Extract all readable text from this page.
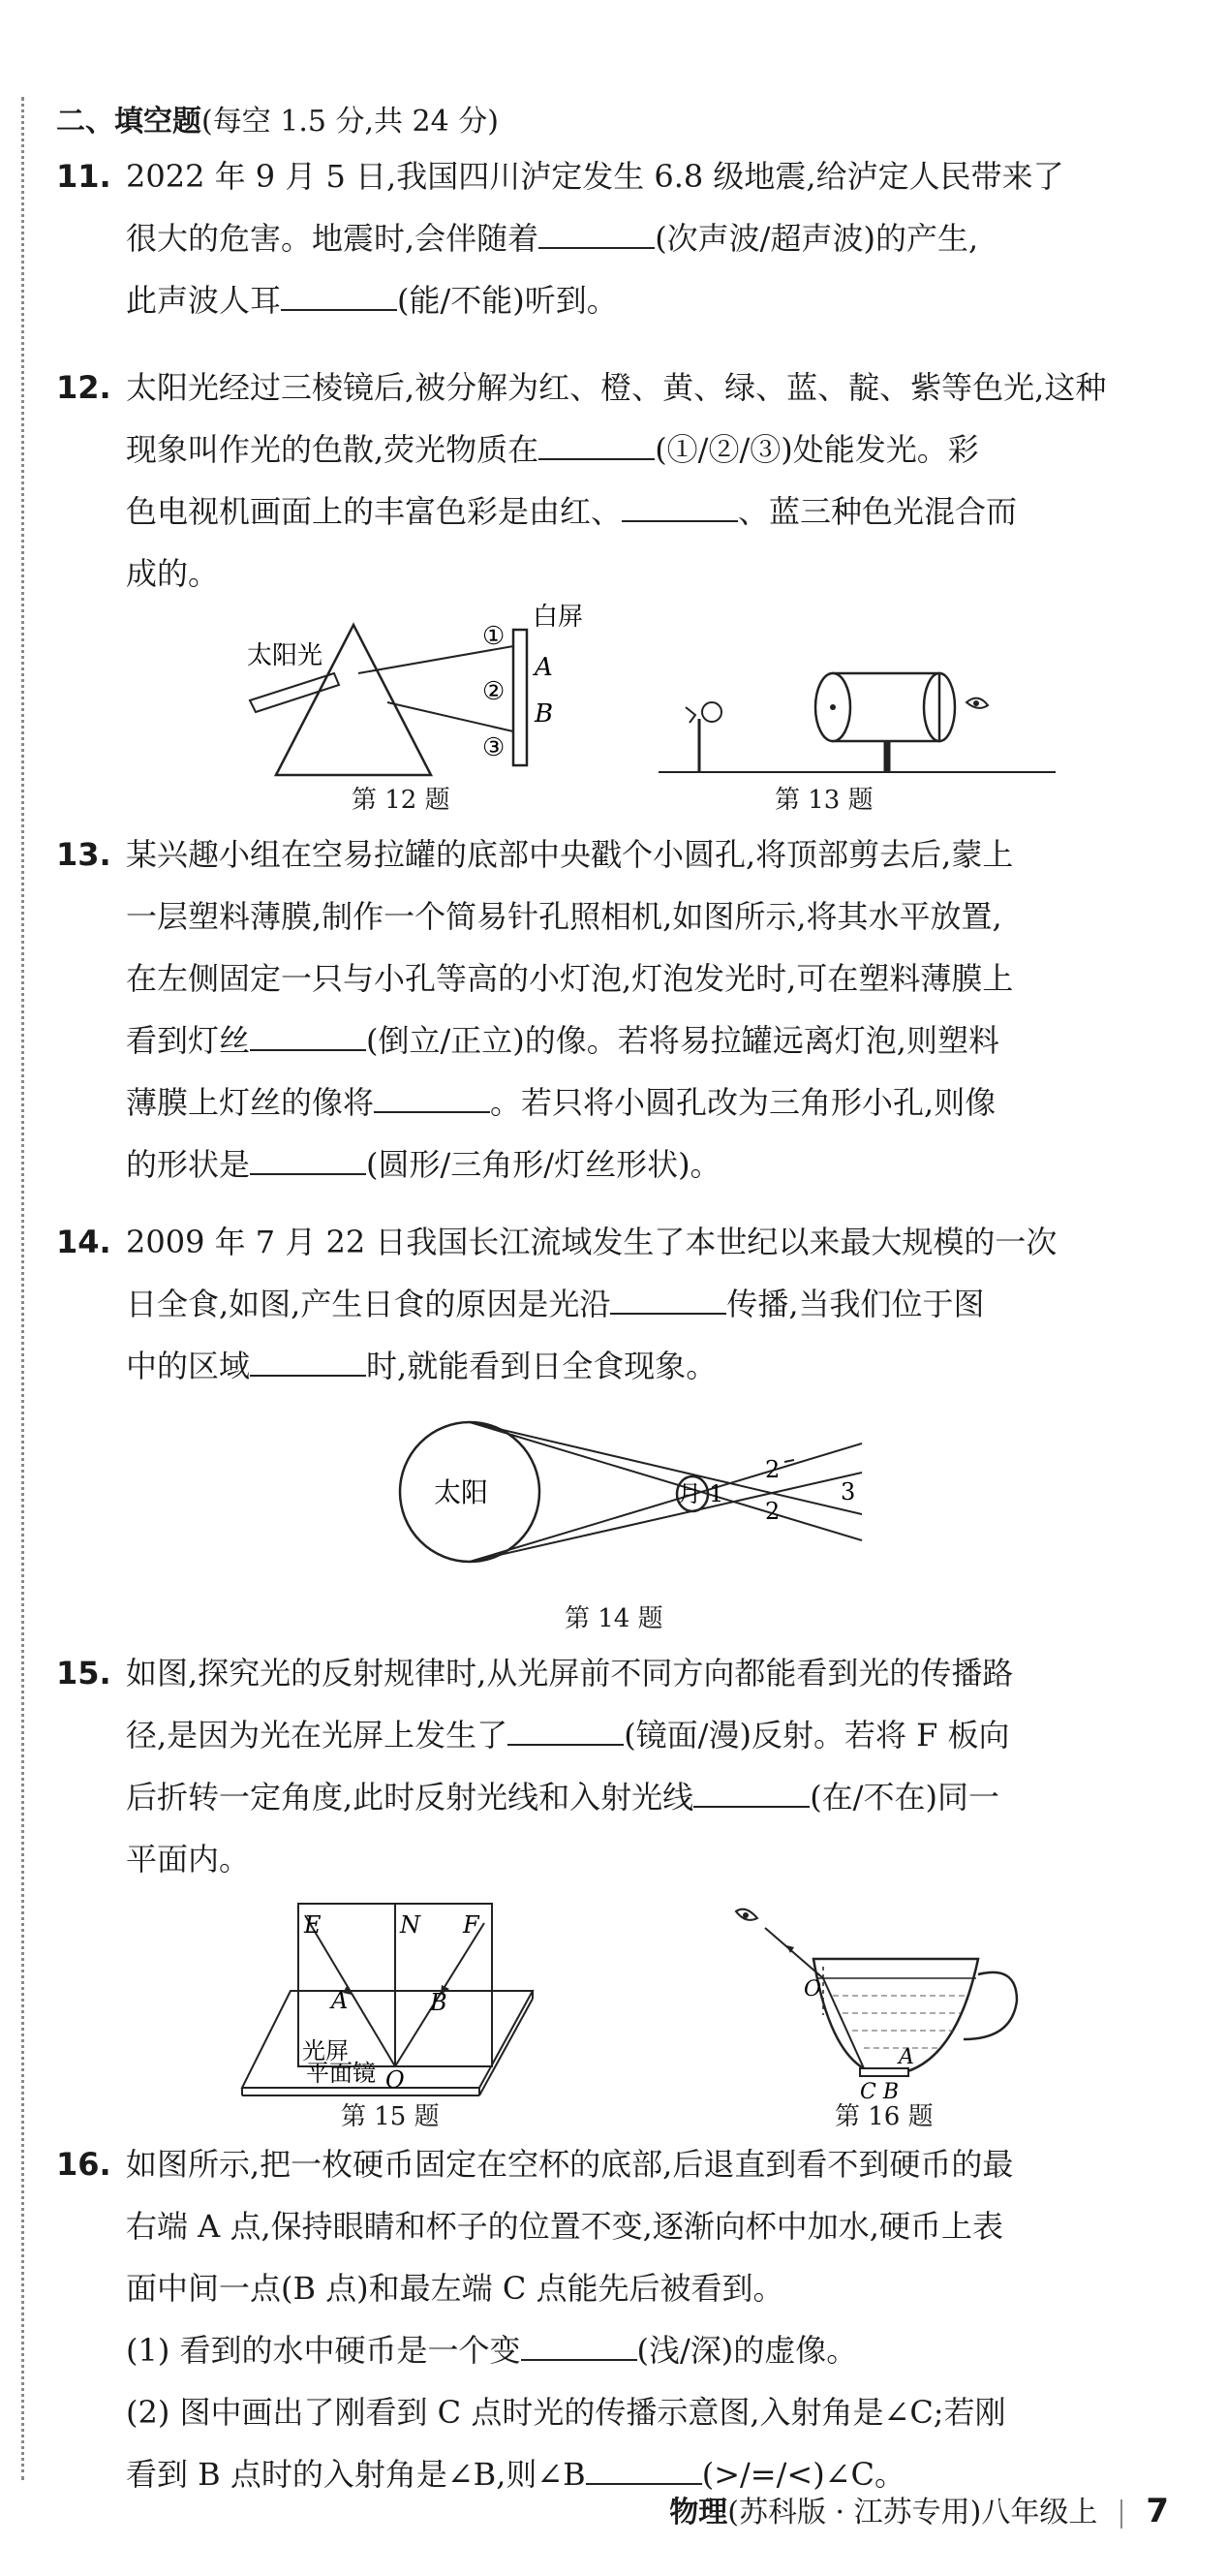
二、填空题(每空 1.5 分,共 24 分)

11. 2022 年 9 月 5 日,我国四川泸定发生 6.8 级地震,给泸定人民带来了

很大的危害。地震时,会伴随着	(次声波/超声波)的产生,

此声波人耳	(能/不能)听到。

12. 太阳光经过三棱镜后,被分解为红、橙、黄、绿、蓝、靛、紫等色光,这种

现象叫作光的色散,荧光物质在	(①/②/③)处能发光。彩

色电视机画面上的丰富色彩是由红、	、蓝三种色光混合而

成的。

太阳光
白屏
①
②
③
A
B
第 12 题	第 13 题

13. 某兴趣小组在空易拉罐的底部中央戳个小圆孔,将顶部剪去后,蒙上

一层塑料薄膜,制作一个简易针孔照相机,如图所示,将其水平放置,

在左侧固定一只与小孔等高的小灯泡,灯泡发光时,可在塑料薄膜上

看到灯丝	(倒立/正立)的像。若将易拉罐远离灯泡,则塑料

薄膜上灯丝的像将	。若只将小圆孔改为三角形小孔,则像

的形状是	(圆形/三角形/灯丝形状)。

14. 2009 年 7 月 22 日我国长江流域发生了本世纪以来最大规模的一次

日全食,如图,产生日食的原因是光沿	传播,当我们位于图

中的区域	时,就能看到日全食现象。

太阳	月 1
2
2
3
第 14 题

15. 如图,探究光的反射规律时,从光屏前不同方向都能看到光的传播路

径,是因为光在光屏上发生了	(镜面/漫)反射。若将 F 板向

后折转一定角度,此时反射光线和入射光线	(在/不在)同一

平面内。

E	N F
A	B
O
光屏
平面镜
第 15 题
O
A
C B
第 16 题

16. 如图所示,把一枚硬币固定在空杯的底部,后退直到看不到硬币的最

右端 A 点,保持眼睛和杯子的位置不变,逐渐向杯中加水,硬币上表

面中间一点(B 点)和最左端 C 点能先后被看到。

(1) 看到的水中硬币是一个变	(浅/深)的虚像。

(2) 图中画出了刚看到 C 点时光的传播示意图,入射角是∠C;若刚

看到 B 点时的入射角是∠B,则∠B	(>/=/<)∠C。

物理(苏科版 · 江苏专用)八年级上 7
